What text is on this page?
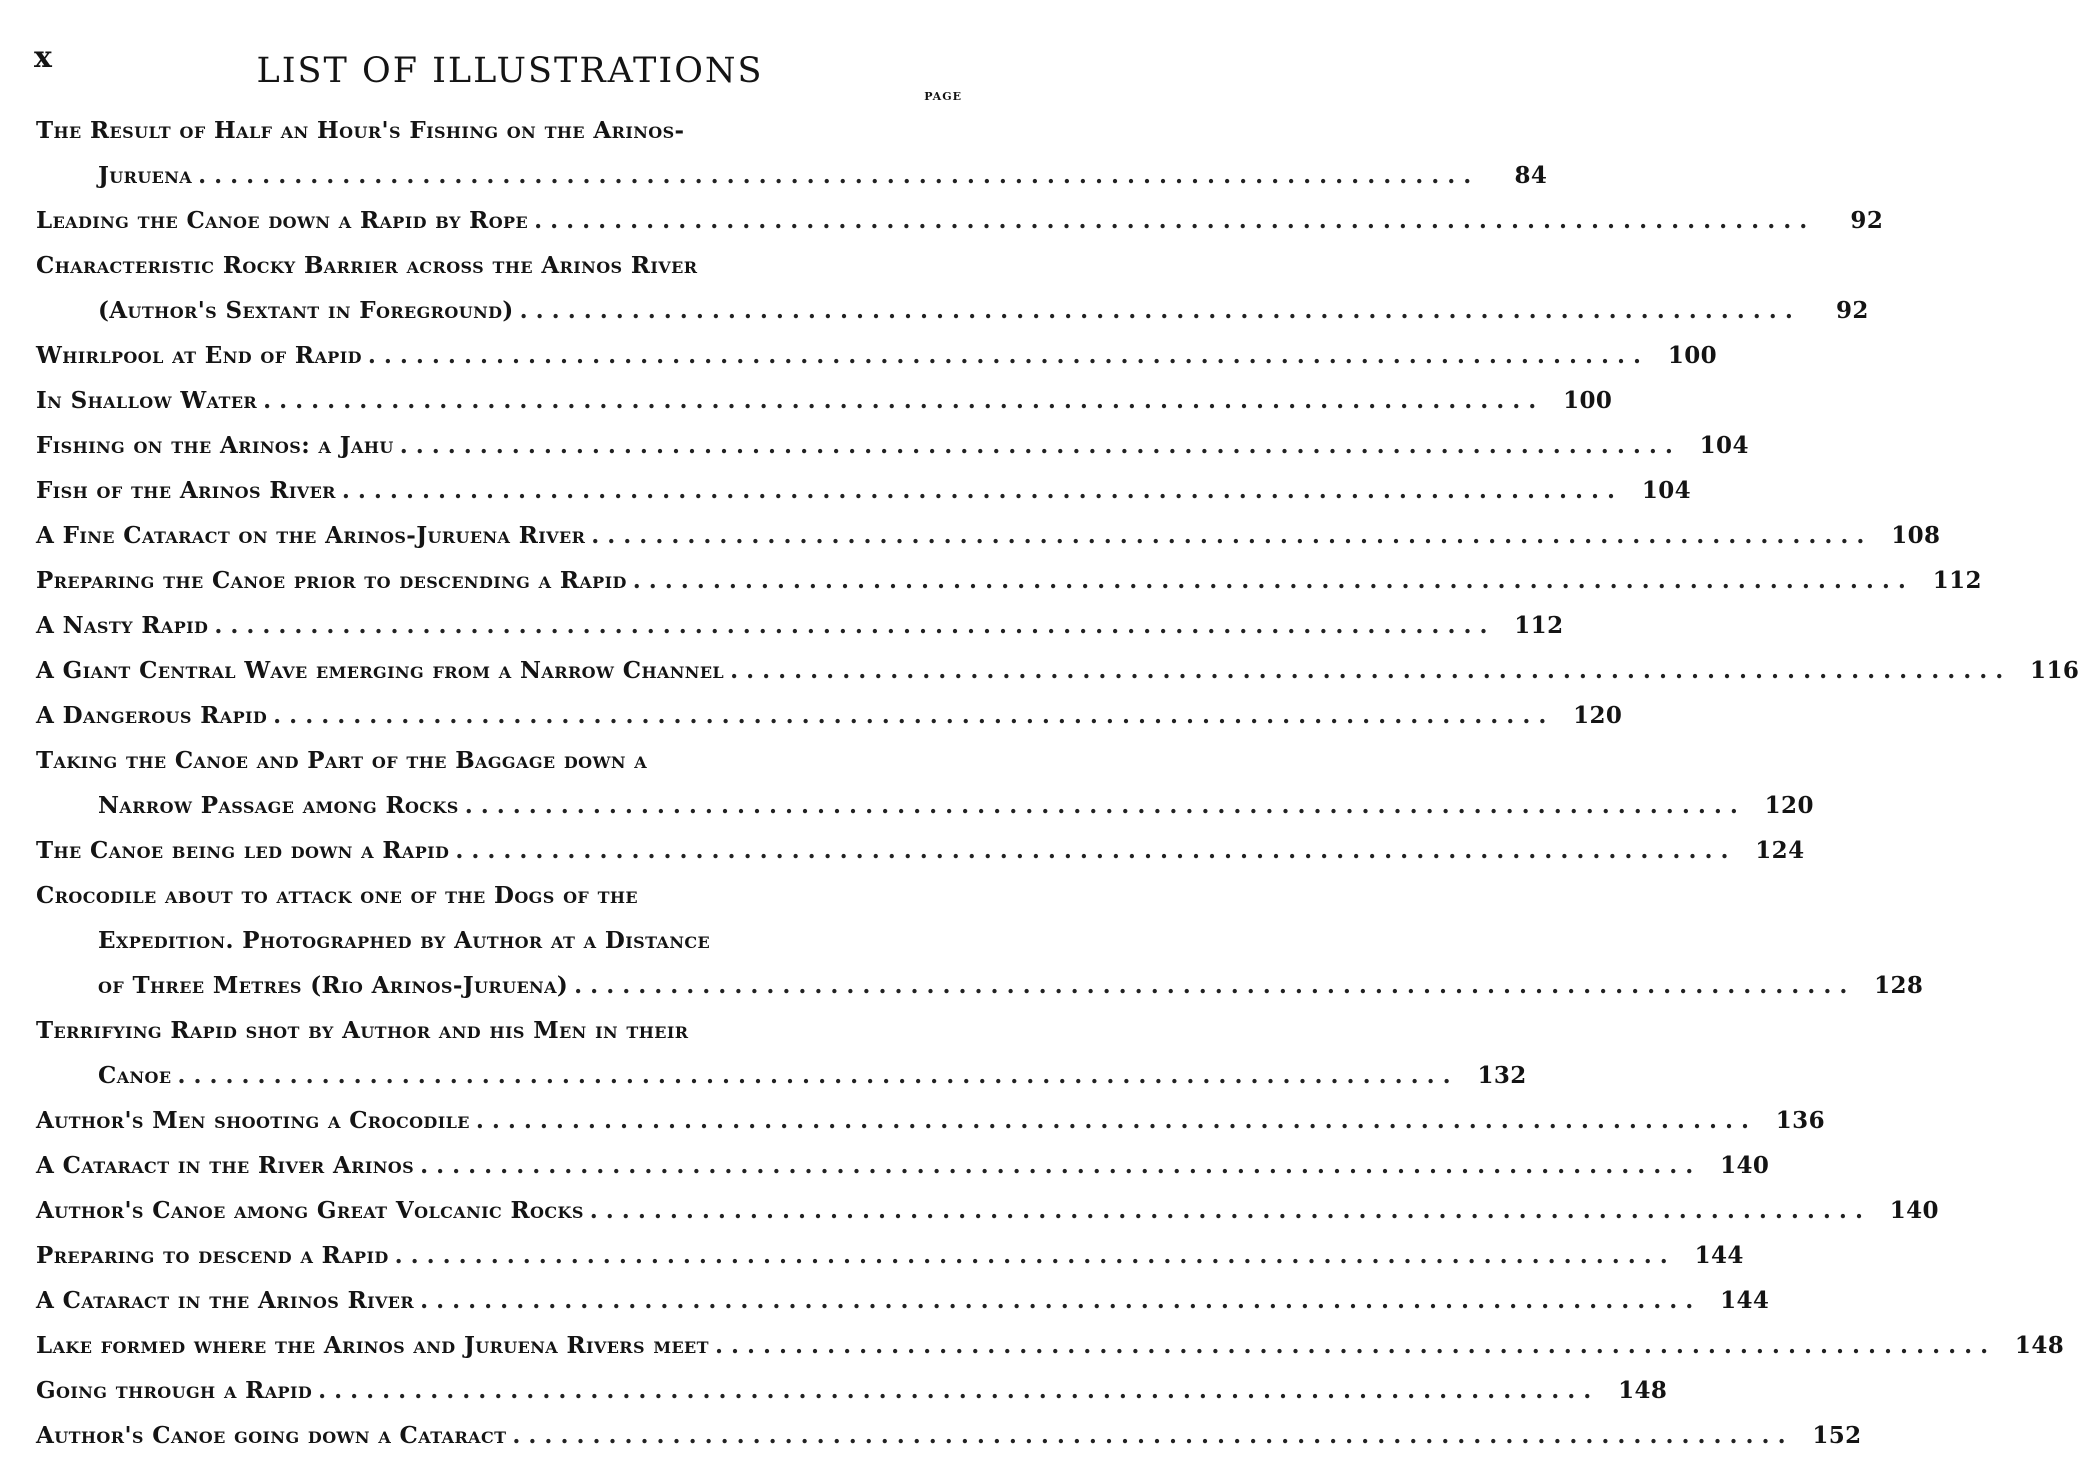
x	LIST OF ILLUSTRATIONS
PAGE
The Result of Half an Hour's Fishing on the Arinos-
Juruena . . . . . . . . . . . . . . . . . . . . . . . . . . . . . . . . . . . . . . . . . . . . . . . . . . . . . . . . . . . . . . . . . . . . . . . . . . . . . . . .	84
Leading the Canoe down a Rapid by Rope . . . . . . . . . . . . . . . . . . . . . . . . . . . . . . . . . . . . . . . . . . . . . . . . . . . . . . . . . . . . . . . . . . . . . . . . . . . . . . . .	92
Characteristic Rocky Barrier across the Arinos River
(Author's Sextant in Foreground) . . . . . . . . . . . . . . . . . . . . . . . . . . . . . . . . . . . . . . . . . . . . . . . . . . . . . . . . . . . . . . . . . . . . . . . . . . . . . . . .	92
Whirlpool at End of Rapid . . . . . . . . . . . . . . . . . . . . . . . . . . . . . . . . . . . . . . . . . . . . . . . . . . . . . . . . . . . . . . . . . . . . . . . . . . . . . . . .	100
In Shallow Water . . . . . . . . . . . . . . . . . . . . . . . . . . . . . . . . . . . . . . . . . . . . . . . . . . . . . . . . . . . . . . . . . . . . . . . . . . . . . . . .	100
Fishing on the Arinos: a Jahu . . . . . . . . . . . . . . . . . . . . . . . . . . . . . . . . . . . . . . . . . . . . . . . . . . . . . . . . . . . . . . . . . . . . . . . . . . . . . . . .	104
Fish of the Arinos River . . . . . . . . . . . . . . . . . . . . . . . . . . . . . . . . . . . . . . . . . . . . . . . . . . . . . . . . . . . . . . . . . . . . . . . . . . . . . . . .	104
A Fine Cataract on the Arinos-Juruena River . . . . . . . . . . . . . . . . . . . . . . . . . . . . . . . . . . . . . . . . . . . . . . . . . . . . . . . . . . . . . . . . . . . . . . . . . . . . . . . .	108
Preparing the Canoe prior to descending a Rapid . . . . . . . . . . . . . . . . . . . . . . . . . . . . . . . . . . . . . . . . . . . . . . . . . . . . . . . . . . . . . . . . . . . . . . . . . . . . . . . .	112
A Nasty Rapid . . . . . . . . . . . . . . . . . . . . . . . . . . . . . . . . . . . . . . . . . . . . . . . . . . . . . . . . . . . . . . . . . . . . . . . . . . . . . . . .	112
A Giant Central Wave emerging from a Narrow Channel . . . . . . . . . . . . . . . . . . . . . . . . . . . . . . . . . . . . . . . . . . . . . . . . . . . . . . . . . . . . . . . . . . . . . . . . . . . . . . . .	116
A Dangerous Rapid . . . . . . . . . . . . . . . . . . . . . . . . . . . . . . . . . . . . . . . . . . . . . . . . . . . . . . . . . . . . . . . . . . . . . . . . . . . . . . . .	120
Taking the Canoe and Part of the Baggage down a
Narrow Passage among Rocks . . . . . . . . . . . . . . . . . . . . . . . . . . . . . . . . . . . . . . . . . . . . . . . . . . . . . . . . . . . . . . . . . . . . . . . . . . . . . . . .	120
The Canoe being led down a Rapid . . . . . . . . . . . . . . . . . . . . . . . . . . . . . . . . . . . . . . . . . . . . . . . . . . . . . . . . . . . . . . . . . . . . . . . . . . . . . . . .	124
Crocodile about to attack one of the Dogs of the
Expedition. Photographed by Author at a Distance
of Three Metres (Rio Arinos-Juruena) . . . . . . . . . . . . . . . . . . . . . . . . . . . . . . . . . . . . . . . . . . . . . . . . . . . . . . . . . . . . . . . . . . . . . . . . . . . . . . . .	128
Terrifying Rapid shot by Author and his Men in their
Canoe . . . . . . . . . . . . . . . . . . . . . . . . . . . . . . . . . . . . . . . . . . . . . . . . . . . . . . . . . . . . . . . . . . . . . . . . . . . . . . . .	132
Author's Men shooting a Crocodile . . . . . . . . . . . . . . . . . . . . . . . . . . . . . . . . . . . . . . . . . . . . . . . . . . . . . . . . . . . . . . . . . . . . . . . . . . . . . . . .	136
A Cataract in the River Arinos . . . . . . . . . . . . . . . . . . . . . . . . . . . . . . . . . . . . . . . . . . . . . . . . . . . . . . . . . . . . . . . . . . . . . . . . . . . . . . . .	140
Author's Canoe among Great Volcanic Rocks . . . . . . . . . . . . . . . . . . . . . . . . . . . . . . . . . . . . . . . . . . . . . . . . . . . . . . . . . . . . . . . . . . . . . . . . . . . . . . . .	140
Preparing to descend a Rapid . . . . . . . . . . . . . . . . . . . . . . . . . . . . . . . . . . . . . . . . . . . . . . . . . . . . . . . . . . . . . . . . . . . . . . . . . . . . . . . .	144
A Cataract in the Arinos River . . . . . . . . . . . . . . . . . . . . . . . . . . . . . . . . . . . . . . . . . . . . . . . . . . . . . . . . . . . . . . . . . . . . . . . . . . . . . . . .	144
Lake formed where the Arinos and Juruena Rivers meet . . . . . . . . . . . . . . . . . . . . . . . . . . . . . . . . . . . . . . . . . . . . . . . . . . . . . . . . . . . . . . . . . . . . . . . . . . . . . . . .	148
Going through a Rapid . . . . . . . . . . . . . . . . . . . . . . . . . . . . . . . . . . . . . . . . . . . . . . . . . . . . . . . . . . . . . . . . . . . . . . . . . . . . . . . .	148
Author's Canoe going down a Cataract . . . . . . . . . . . . . . . . . . . . . . . . . . . . . . . . . . . . . . . . . . . . . . . . . . . . . . . . . . . . . . . . . . . . . . . . . . . . . . . .	152
